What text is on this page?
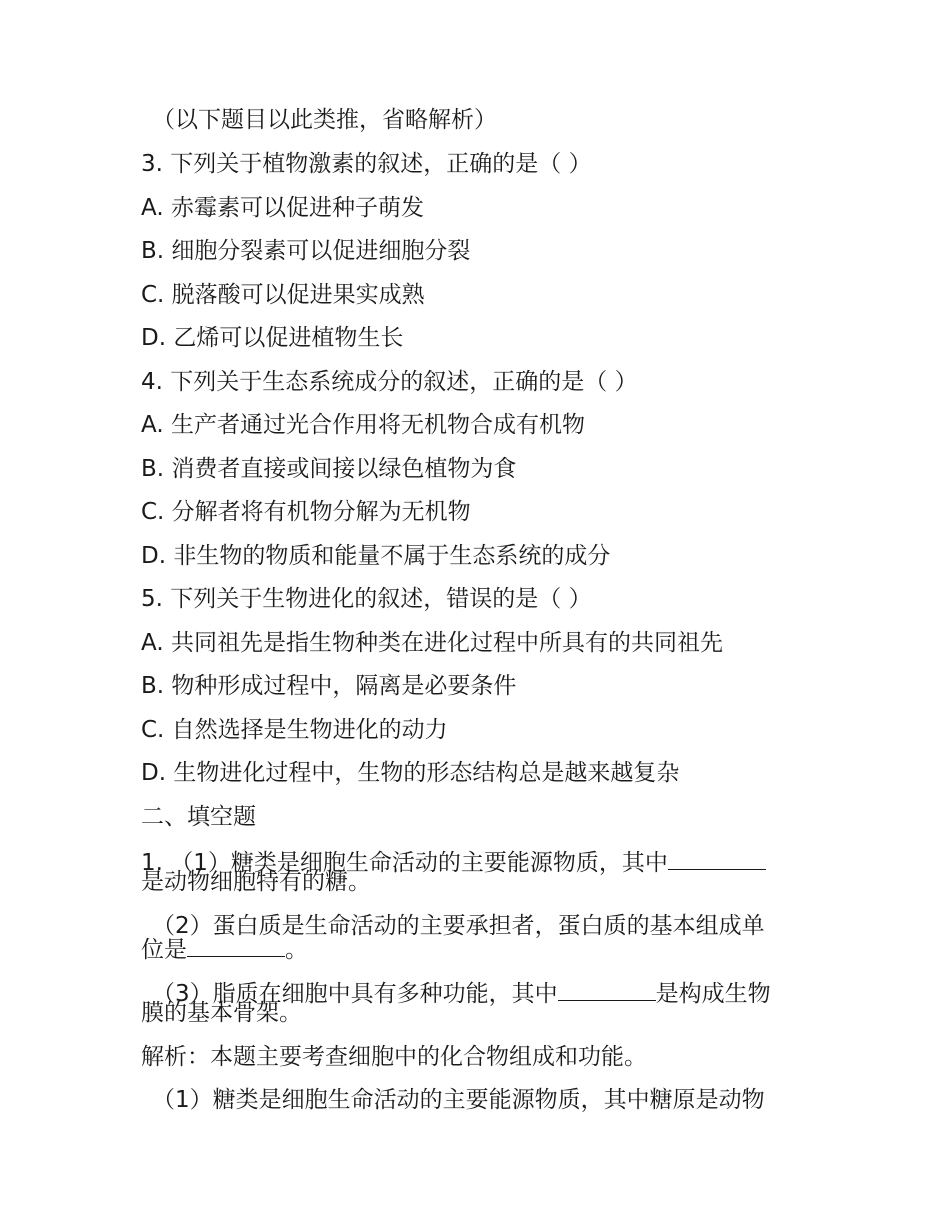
（以下题目以此类推，省略解析）
3. 下列关于植物激素的叙述，正确的是（ ）
A. 赤霉素可以促进种子萌发
B. 细胞分裂素可以促进细胞分裂
C. 脱落酸可以促进果实成熟
D. 乙烯可以促进植物生长
4. 下列关于生态系统成分的叙述，正确的是（ ）
A. 生产者通过光合作用将无机物合成有机物
B. 消费者直接或间接以绿色植物为食
C. 分解者将有机物分解为无机物
D. 非生物的物质和能量不属于生态系统的成分
5. 下列关于生物进化的叙述，错误的是（ ）
A. 共同祖先是指生物种类在进化过程中所具有的共同祖先
B. 物种形成过程中，隔离是必要条件
C. 自然选择是生物进化的动力
D. 生物进化过程中，生物的形态结构总是越来越复杂
二、填空题
1. （1）糖类是细胞生命活动的主要能源物质，其中
是动物细胞特有的糖。
（2）蛋白质是生命活动的主要承担者，蛋白质的基本组成单
位是	。
（3）脂质在细胞中具有多种功能，其中	是构成生物
膜的基本骨架。
解析：本题主要考查细胞中的化合物组成和功能。
（1）糖类是细胞生命活动的主要能源物质，其中糖原是动物
